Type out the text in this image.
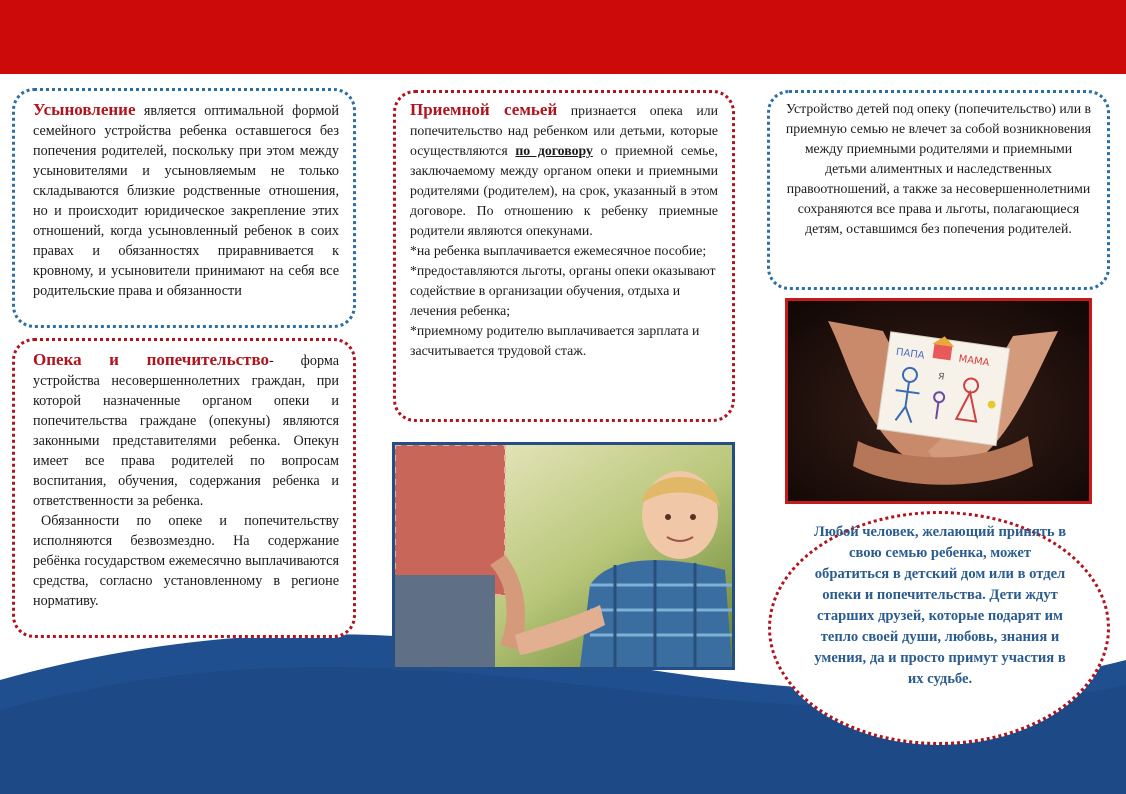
Усыновление является оптимальной формой семейного устройства ребенка оставшегося без попечения родителей, поскольку при этом между усыновителями и усыновляемым не только складываются близкие родственные отношения, но и происходит юридическое закрепление этих отношений, когда усыновленный ребенок в соих правах и обязанностях приравнивается к кровному, и усыновители принимают на себя все родительские права и обязанности

Опека и попечительство- форма устройства несовершеннолетних граждан, при которой назначенные органом опеки и попечительства граждане (опекуны) являются законными представителями ребенка. Опекун имеет все права родителей по вопросам воспитания, обучения, содержания ребенка и ответственности за ребенка.

Обязанности по опеке и попечительству исполняются безвозмездно. На содержание ребёнка государством ежемесячно выплачиваются средства, согласно установленному в регионе нормативу.

Приемной семьей признается опека или попечительство над ребенком или детьми, которые осуществляются по договору о приемной семье, заключаемому между органом опеки и приемными родителями (родителем), на срок, указанный в этом договоре. По отношению к ребенку приемные родители являются опекунами.

*на ребенка выплачивается ежемесячное пособие;

*предоставляются льготы, органы опеки оказывают содействие в организации обучения, отдыха и лечения ребенка;

*приемному родителю выплачивается зарплата и засчитывается трудовой стаж.

Устройство детей под опеку (попечительство) или в приемную семью не влечет за собой возникновения между приемными родителями и приемными детьми алиментных и наследственных правоотношений, а также за несовершеннолетними сохраняются все права и льготы, полагающиеся детям, оставшимся без попечения родителей.

ПАПА	МАМА
Я
Любой человек, желающий принять в свою семью ребенка, может обратиться в детский дом или в отдел опеки и попечительства. Дети ждут старших друзей, которые подарят им тепло своей души, любовь, знания и умения, да и просто примут участия в их судьбе.
